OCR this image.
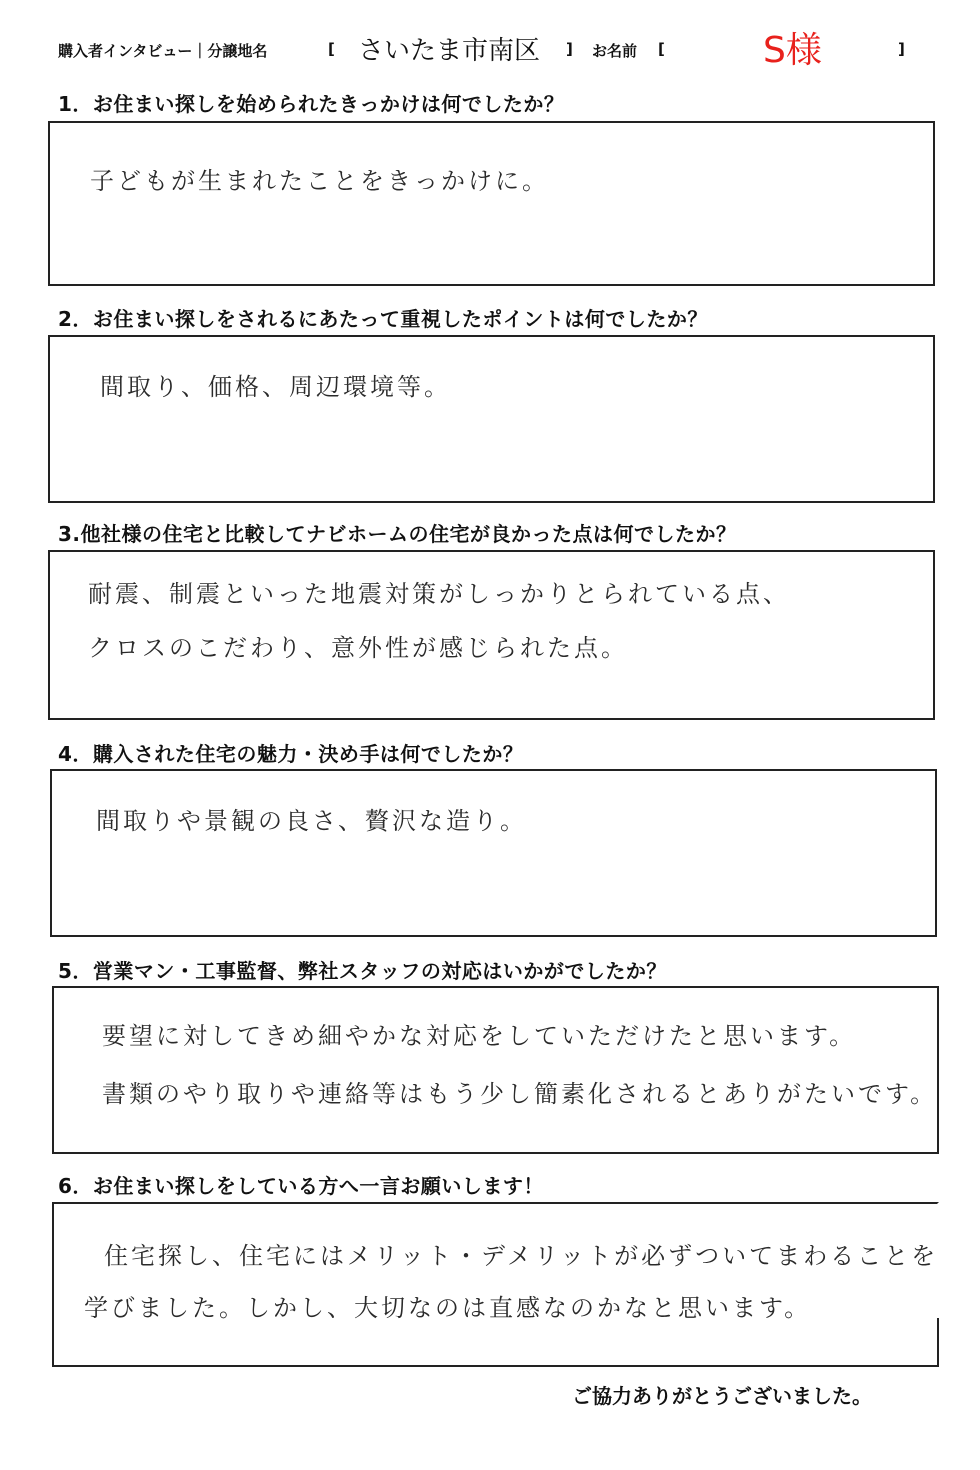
購入者インタビュー｜分譲地名	[ さいたま市南区 ] お名前 [	S様	]
1．お住まい探しを始められたきっかけは何でしたか？
子どもが生まれたことをきっかけに。
2．お住まい探しをされるにあたって重視したポイントは何でしたか？
間取り、価格、周辺環境等。
3.他社様の住宅と比較してナビホームの住宅が良かった点は何でしたか？
耐震、制震といった地震対策がしっかりとられている点、
クロスのこだわり、意外性が感じられた点。
4．購入された住宅の魅力・決め手は何でしたか？
間取りや景観の良さ、贅沢な造り。
5．営業マン・工事監督、弊社スタッフの対応はいかがでしたか？
要望に対してきめ細やかな対応をしていただけたと思います。
書類のやり取りや連絡等はもう少し簡素化されるとありがたいです。
6．お住まい探しをしている方へ一言お願いします！
住宅探し、住宅にはメリット・デメリットが必ずついてまわることを
学びました。しかし、大切なのは直感なのかなと思います。
ご協力ありがとうございました。
